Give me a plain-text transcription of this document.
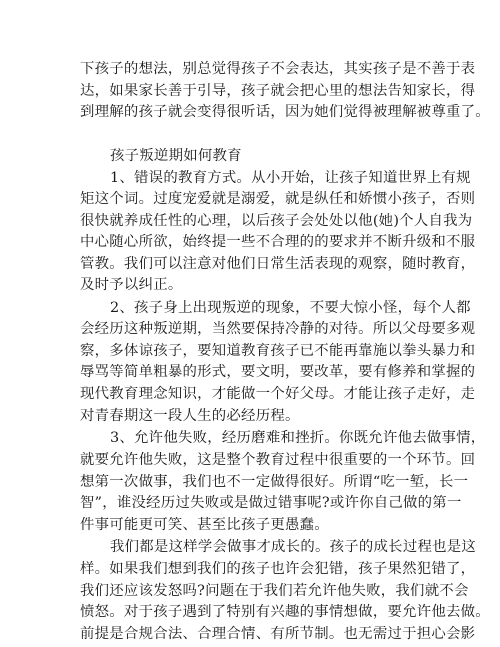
下孩子的想法，别总觉得孩子不会表达，其实孩子是不善于表
达，如果家长善于引导，孩子就会把心里的想法告知家长，得
到理解的孩子就会变得很听话，因为她们觉得被理解被尊重了。
孩子叛逆期如何教育
1、错误的教育方式。从小开始，让孩子知道世界上有规
矩这个词。过度宠爱就是溺爱，就是纵任和娇惯小孩子，否则
很快就养成任性的心理，以后孩子会处处以他(她)个人自我为
中心随心所欲，始终提一些不合理的的要求并不断升级和不服
管教。我们可以注意对他们日常生活表现的观察，随时教育，
及时予以纠正。
2、孩子身上出现叛逆的现象，不要大惊小怪，每个人都
会经历这种叛逆期，当然要保持冷静的对待。所以父母要多观
察，多体谅孩子，要知道教育孩子已不能再靠施以拳头暴力和
辱骂等简单粗暴的形式，要文明，要改革，要有修养和掌握的
现代教育理念知识，才能做一个好父母。才能让孩子走好，走
对青春期这一段人生的必经历程。
3、允许他失败，经历磨难和挫折。你既允许他去做事情，
就要允许他失败，这是整个教育过程中很重要的一个环节。回
想第一次做事，我们也不一定做得很好。所谓“吃一堑，长一
智”，谁没经历过失败或是做过错事呢?或许你自己做的第一
件事可能更可笑、甚至比孩子更愚蠢。
我们都是这样学会做事才成长的。孩子的成长过程也是这
样。如果我们想到我们的孩子也许会犯错，孩子果然犯错了，
我们还应该发怒吗?问题在于我们若允许他失败，我们就不会
愤怒。对于孩子遇到了特别有兴趣的事情想做，要允许他去做。
前提是合规合法、合理合情、有所节制。也无需过于担心会影
